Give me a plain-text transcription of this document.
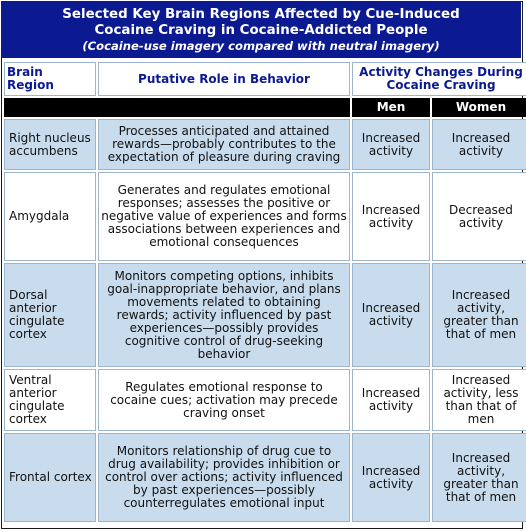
Selected Key Brain Regions Affected by Cue-Induced
Cocaine Craving in Cocaine-Addicted People
(Cocaine-use imagery compared with neutral imagery)
Brain Region	Putative Role in Behavior	Activity Changes During Cocaine Craving	
		Men	Women
Right nucleus accumbens	Processes anticipated and attained rewards—probably contributes to the expectation of pleasure during craving	Increased activity	Increased activity
Amygdala	Generates and regulates emotional responses; assesses the positive or negative value of experiences and forms associations between experiences and emotional consequences	Increased activity	Decreased activity
Dorsal anterior cingulate cortex	Monitors competing options, inhibits goal-inappropriate behavior, and plans movements related to obtaining rewards; activity influenced by past experiences—possibly provides cognitive control of drug-seeking behavior	Increased activity	Increased activity, greater than that of men
Ventral anterior cingulate cortex	Regulates emotional response to cocaine cues; activation may precede craving onset	Increased activity	Increased activity, less than that of men
Frontal cortex	Monitors relationship of drug cue to drug availability; provides inhibition or control over actions; activity influenced by past experiences—possibly counterregulates emotional input	Increased activity	Increased activity, greater than that of men
